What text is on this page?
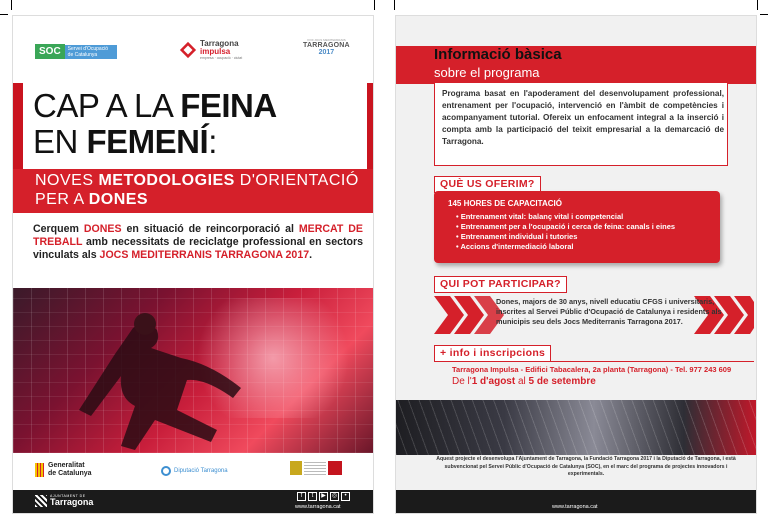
SOC	Servei d'Ocupació de Catalunya
Tarragona
impulsa
empresa · ocupació · ciutat
XVIII JOCS MEDITERRANIS
TARRAGONA
2017
CAP A LA FEINA
EN FEMENÍ:
NOVES METODOLOGIES D'ORIENTACIÓ
PER A DONES
Cerquem DONES en situació de reincorporació al MERCAT DE TREBALL amb necessitats de reciclatge professional en sectors vinculats als JOCS MEDITERRANIS TARRAGONA 2017.
Generalitat
de Catalunya	Diputació Tarragona
AJUNTAMENT DE
Tarragona
f	t	▶	◎	•
www.tarragona.cat
Informació bàsica
sobre el programa
Programa basat en l'apoderament del desenvolupament professional, entrenament per l'ocupació, intervenció en l'àmbit de competències i acompanyament tutorial. Ofereix un enfocament integral a la inserció i compta amb la participació del teixit empresarial a la demarcació de Tarragona.
QUÈ US OFERIM?
145 HORES DE CAPACITACIÓ
• Entrenament vital: balanç vital i competencial
• Entrenament per a l'ocupació i cerca de feina: canals i eines
• Entrenament individual i tutories
• Accions d'intermediació laboral
QUI POT PARTICIPAR?
Dones, majors de 30 anys, nivell educatiu CFGS i universitaris, inscrites al Servei Públic d'Ocupació de Catalunya i residents als municipis seu dels Jocs Mediterranis Tarragona 2017.
+ info i inscripcions
Tarragona Impulsa - Edifici Tabacalera, 2a planta (Tarragona) - Tel. 977 243 609
De l'1 d'agost al 5 de setembre
Aquest projecte el desenvolupa l'Ajuntament de Tarragona, la Fundació Tarragona 2017 i la Diputació de Tarragona, i està subvencionat pel Servei Públic d'Ocupació de Catalunya (SOC), en el marc del programa de projectes innovadors i experimentals.
www.tarragona.cat
